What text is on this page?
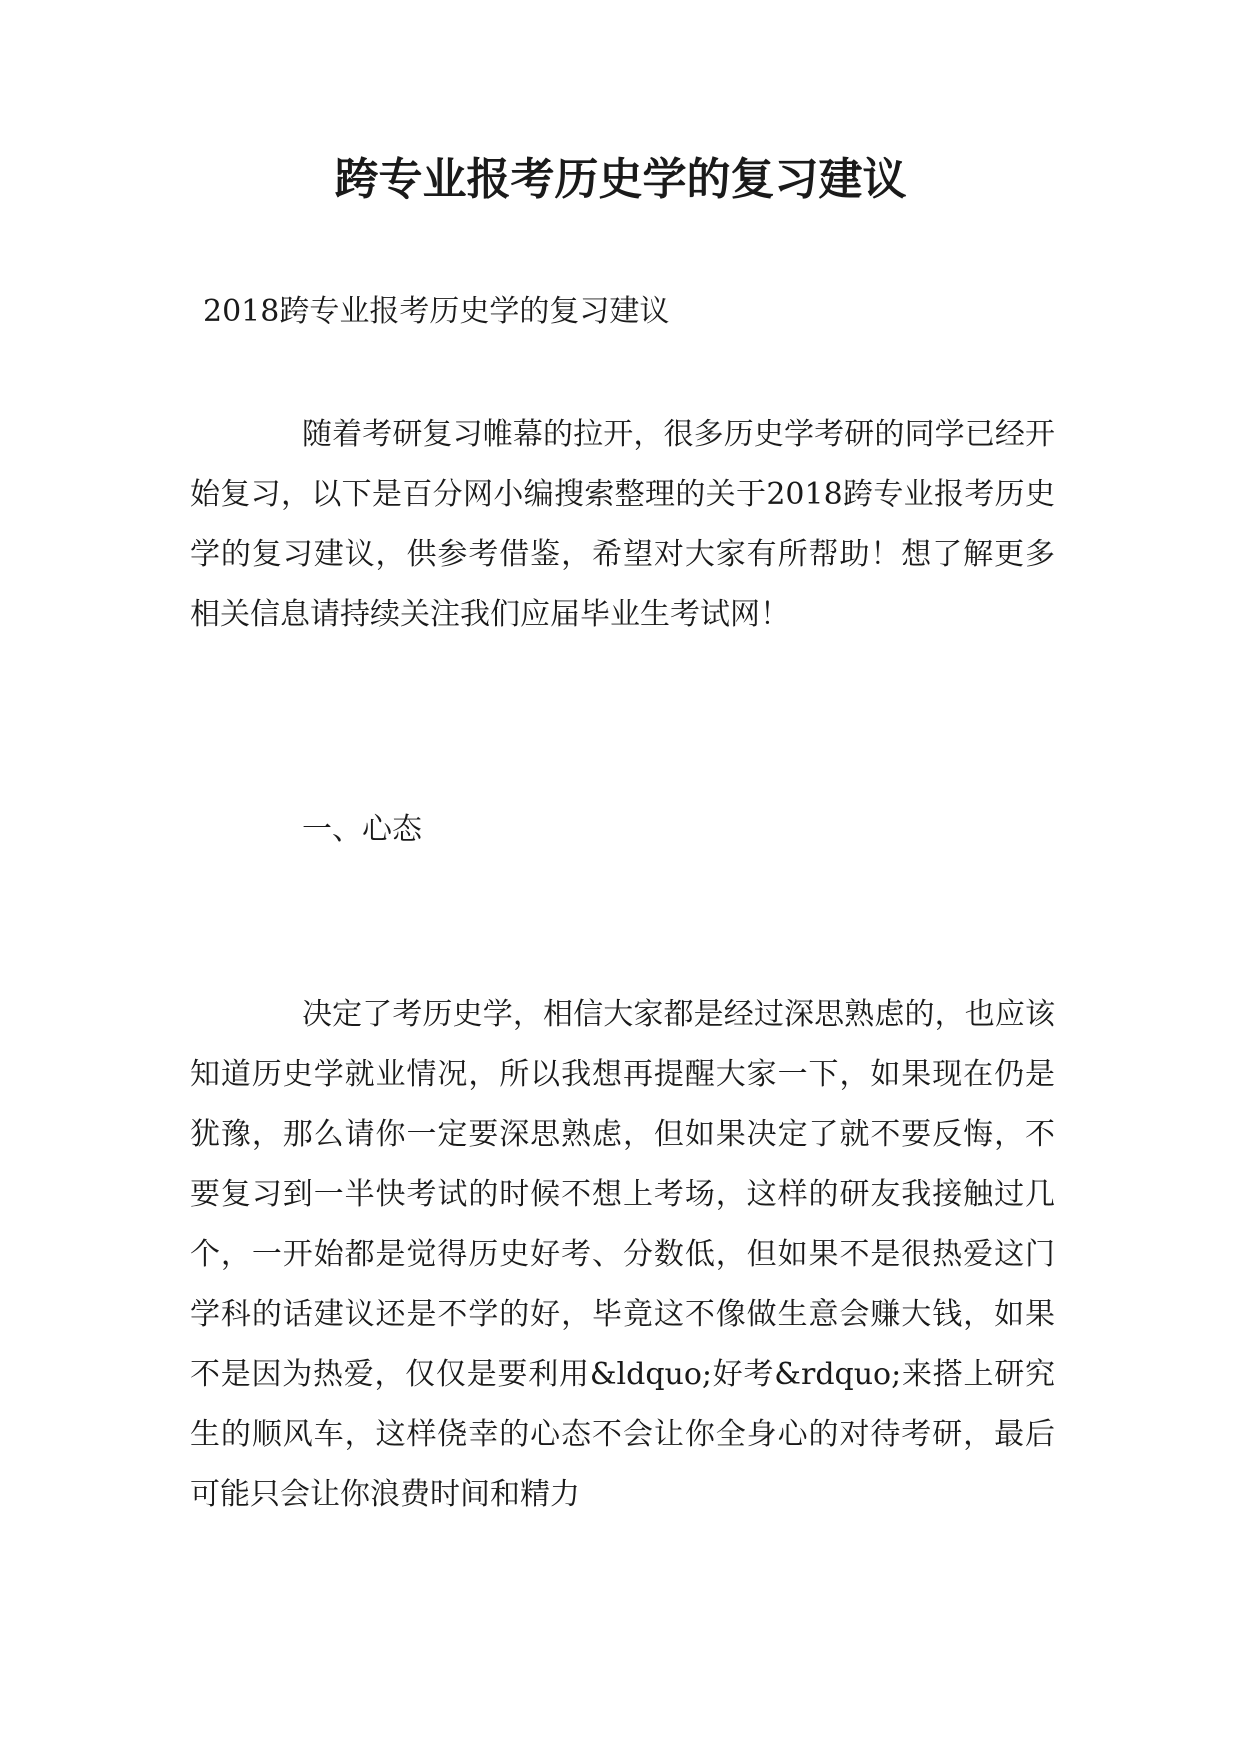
跨专业报考历史学的复习建议

2018跨专业报考历史学的复习建议

随着考研复习帷幕的拉开，很多历史学考研的同学已经开始复习，以下是百分网小编搜索整理的关于2018跨专业报考历史学的复习建议，供参考借鉴，希望对大家有所帮助！想了解更多相关信息请持续关注我们应届毕业生考试网！

一、心态

决定了考历史学，相信大家都是经过深思熟虑的，也应该知道历史学就业情况，所以我想再提醒大家一下，如果现在仍是犹豫，那么请你一定要深思熟虑，但如果决定了就不要反悔，不要复习到一半快考试的时候不想上考场，这样的研友我接触过几个，一开始都是觉得历史好考、分数低，但如果不是很热爱这门学科的话建议还是不学的好，毕竟这不像做生意会赚大钱，如果不是因为热爱，仅仅是要利用&ldquo;好考&rdquo;来搭上研究生的顺风车，这样侥幸的心态不会让你全身心的对待考研，最后可能只会让你浪费时间和精力
